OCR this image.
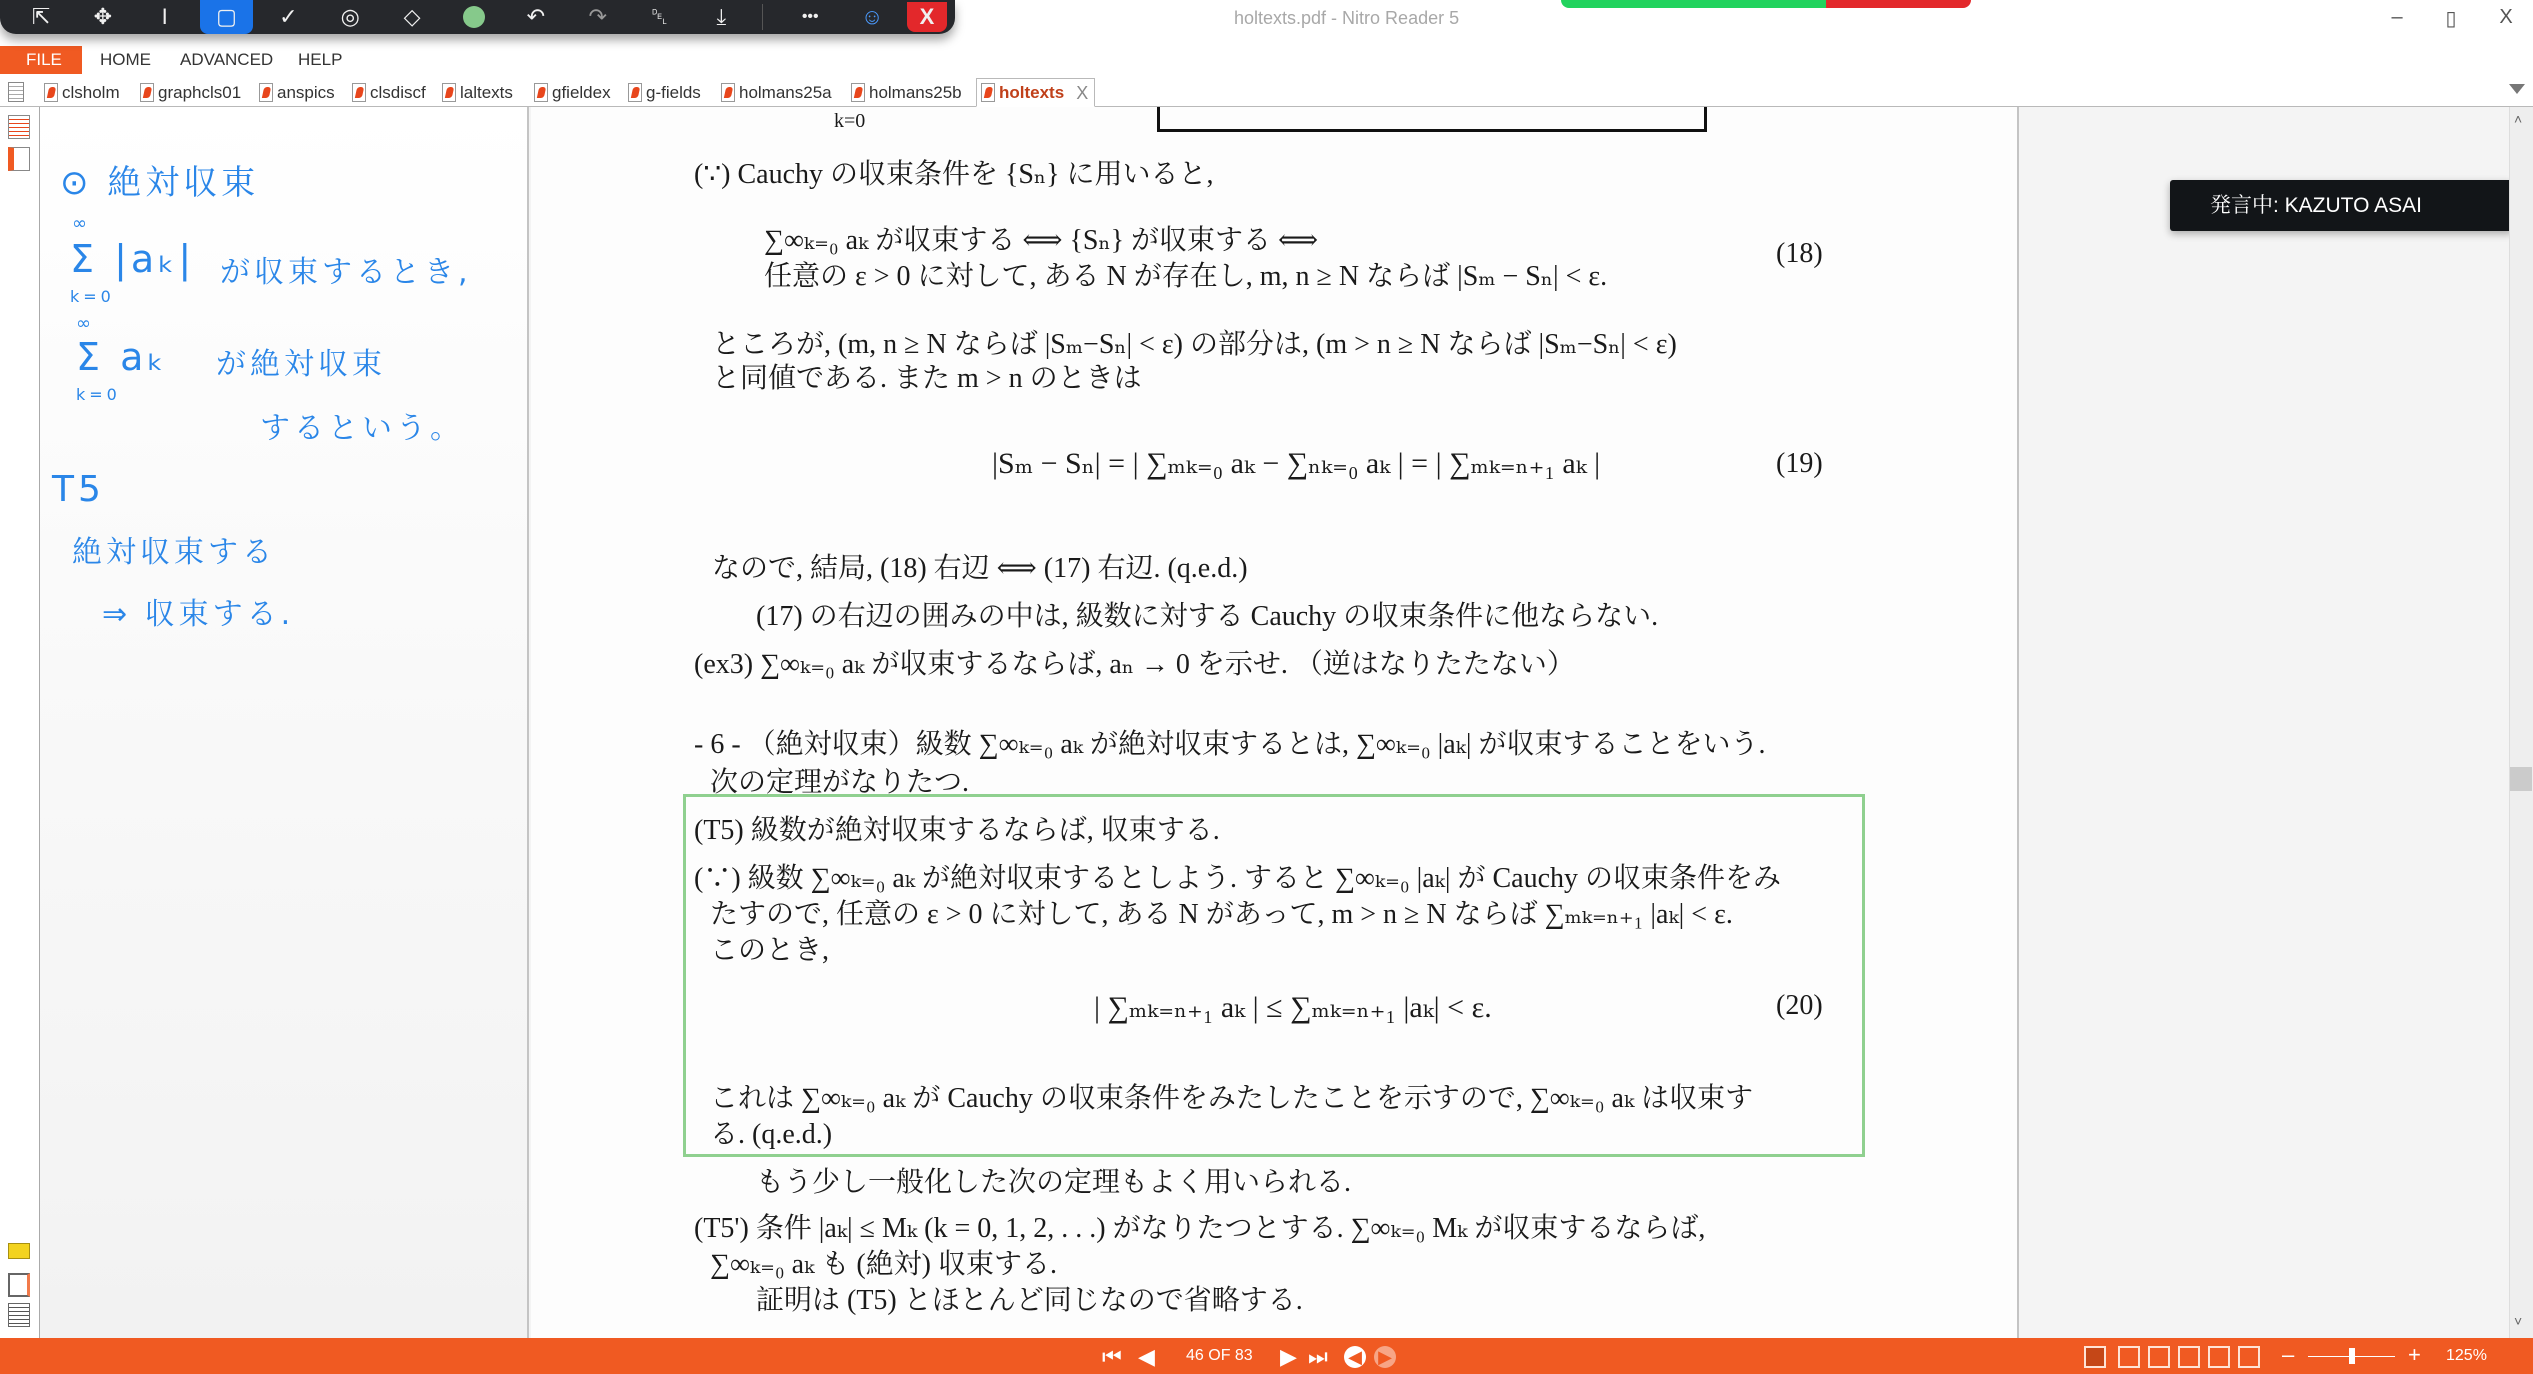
holtexts.pdf - Nitro Reader 5	‒	▯	X
FILE	HOME ADVANCED HELP
clsholm graphcls01 anspics clsdiscf laltexts gfieldex g-fields holmans25a holmans25b holtexts X
⇱	✥	I	▢	✓	◎	◇	↶	↷	␡	⤓	•••	☺	X
⊙ 絶対収束
∞
Σ |aₖ|
k=0
が収束するとき,
∞
Σ aₖ
k=0
が絶対収束
するという。
T5
絶対収束する
⇒ 収束する.
k=0
(∵) Cauchy の収束条件を {Sₙ} に用いると,
∑∞ₖ₌₀ aₖ が収束する ⟺ {Sₙ} が収束する ⟺
任意の ε > 0 に対して, ある N が存在し, m, n ≥ N ならば |Sₘ − Sₙ| < ε.
(18)
ところが, (m, n ≥ N ならば |Sₘ−Sₙ| < ε) の部分は, (m > n ≥ N ならば |Sₘ−Sₙ| < ε)
と同値である. また m > n のときは
|Sₘ − Sₙ| = | ∑ₘₖ₌₀ aₖ − ∑ₙₖ₌₀ aₖ | = | ∑ₘₖ₌ₙ₊₁ aₖ |	(19)
なので, 結局, (18) 右辺 ⟺ (17) 右辺. (q.e.d.)
(17) の右辺の囲みの中は, 級数に対する Cauchy の収束条件に他ならない.
(ex3) ∑∞ₖ₌₀ aₖ が収束するならば, aₙ → 0 を示せ. （逆はなりたたない）
- 6 - （絶対収束）級数 ∑∞ₖ₌₀ aₖ が絶対収束するとは, ∑∞ₖ₌₀ |aₖ| が収束することをいう.
次の定理がなりたつ.
(T5) 級数が絶対収束するならば, 収束する.
(∵) 級数 ∑∞ₖ₌₀ aₖ が絶対収束するとしよう. すると ∑∞ₖ₌₀ |aₖ| が Cauchy の収束条件をみ
たすので, 任意の ε > 0 に対して, ある N があって, m > n ≥ N ならば ∑ₘₖ₌ₙ₊₁ |aₖ| < ε.
このとき,
| ∑ₘₖ₌ₙ₊₁ aₖ | ≤ ∑ₘₖ₌ₙ₊₁ |aₖ| < ε.	(20)
これは ∑∞ₖ₌₀ aₖ が Cauchy の収束条件をみたしたことを示すので, ∑∞ₖ₌₀ aₖ は収束す
る. (q.e.d.)
もう少し一般化した次の定理もよく用いられる.
(T5') 条件 |aₖ| ≤ Mₖ (k = 0, 1, 2, . . .) がなりたつとする. ∑∞ₖ₌₀ Mₖ が収束するならば,
∑∞ₖ₌₀ aₖ も (絶対) 収束する.
証明は (T5) とほとんど同じなので省略する.
発言中: KAZUTO ASAI
˄
˅
⏮ ◀ 46 OF 83 ▶ ⏭ ◀ ▶	–	+ 125%
